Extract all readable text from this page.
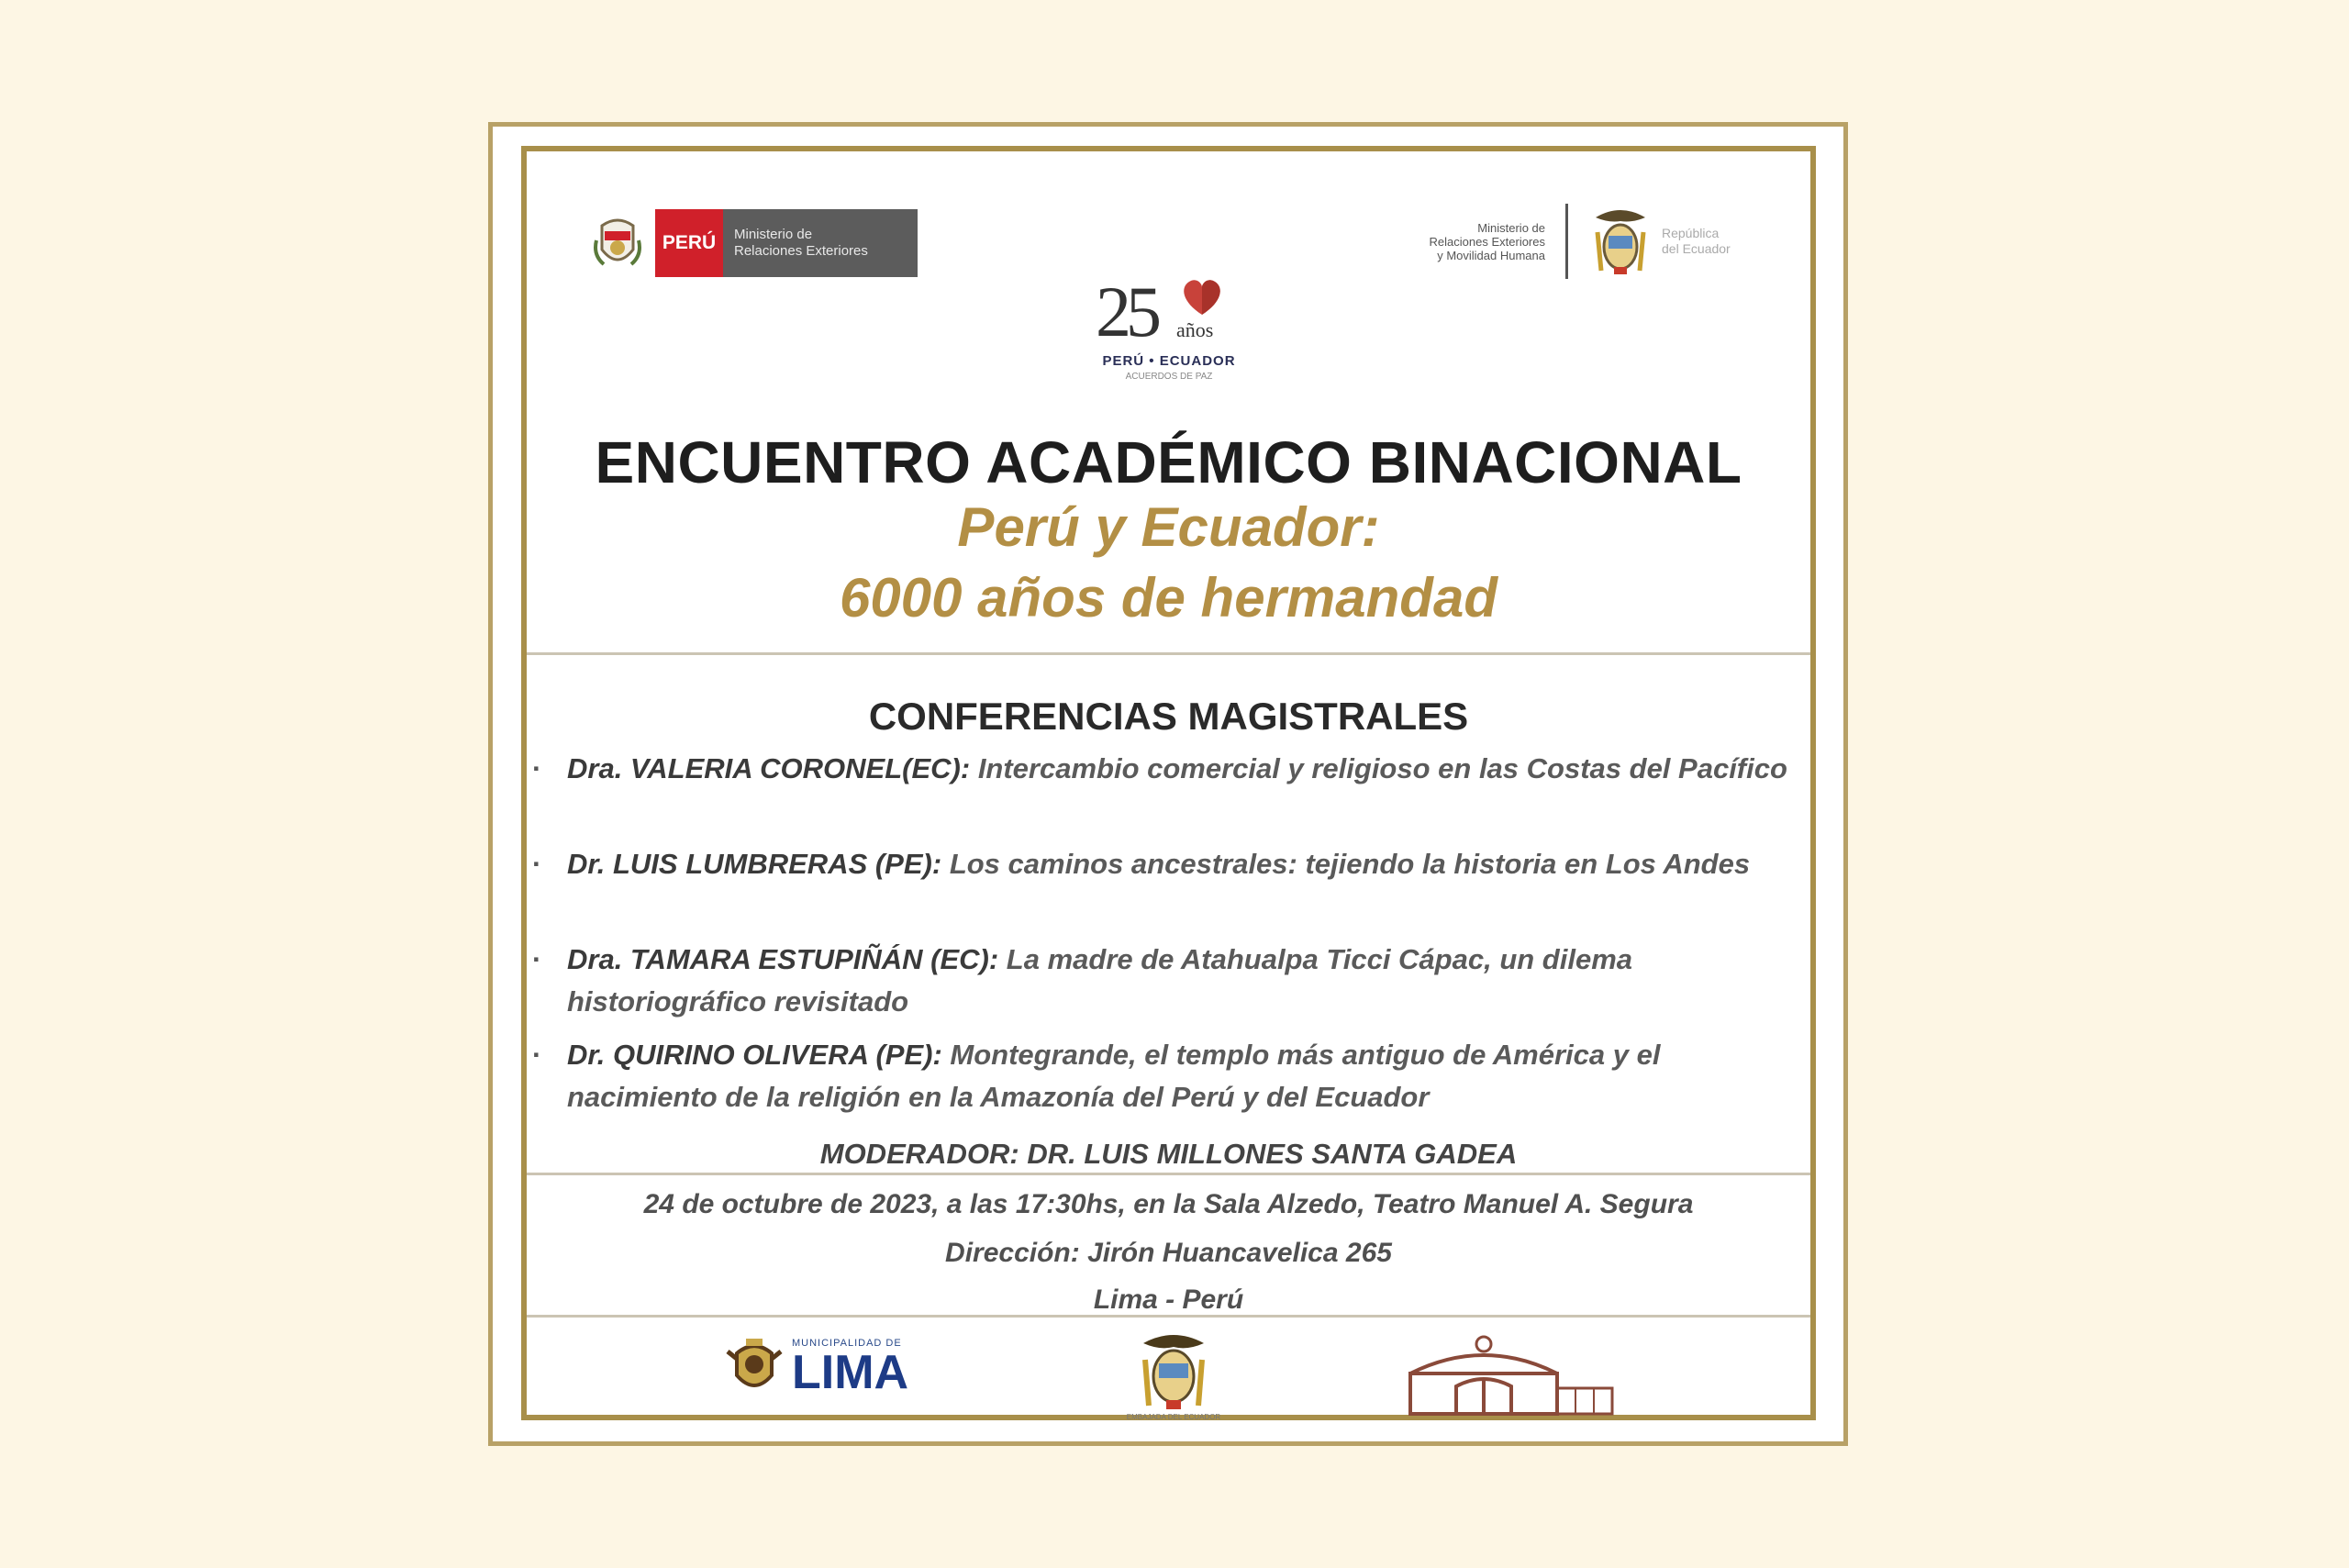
PERÚ	Ministerio de
Relaciones Exteriores
Ministerio de
Relaciones Exteriores
y Movilidad Humana
República
del Ecuador
25 años
PERÚ • ECUADOR
ACUERDOS DE PAZ
ENCUENTRO ACADÉMICO BINACIONAL
Perú y Ecuador:
6000 años de hermandad
CONFERENCIAS MAGISTRALES
· Dra. VALERIA CORONEL(EC): Intercambio comercial y religioso en las Costas del Pacífico
· Dr. LUIS LUMBRERAS (PE): Los caminos ancestrales: tejiendo la historia en Los Andes
· Dra. TAMARA ESTUPIÑÁN (EC): La madre de Atahualpa Ticci Cápac, un dilema historiográfico revisitado
· Dr. QUIRINO OLIVERA (PE): Montegrande, el templo más antiguo de América y el nacimiento de la religión en la Amazonía del Perú y del Ecuador
MODERADOR: DR. LUIS MILLONES SANTA GADEA
24 de octubre de 2023, a las 17:30hs, en la Sala Alzedo, Teatro Manuel A. Segura
Dirección: Jirón Huancavelica 265
Lima - Perú
MUNICIPALIDAD DE
LIMA
EMBAJADA DEL ECUADOR
